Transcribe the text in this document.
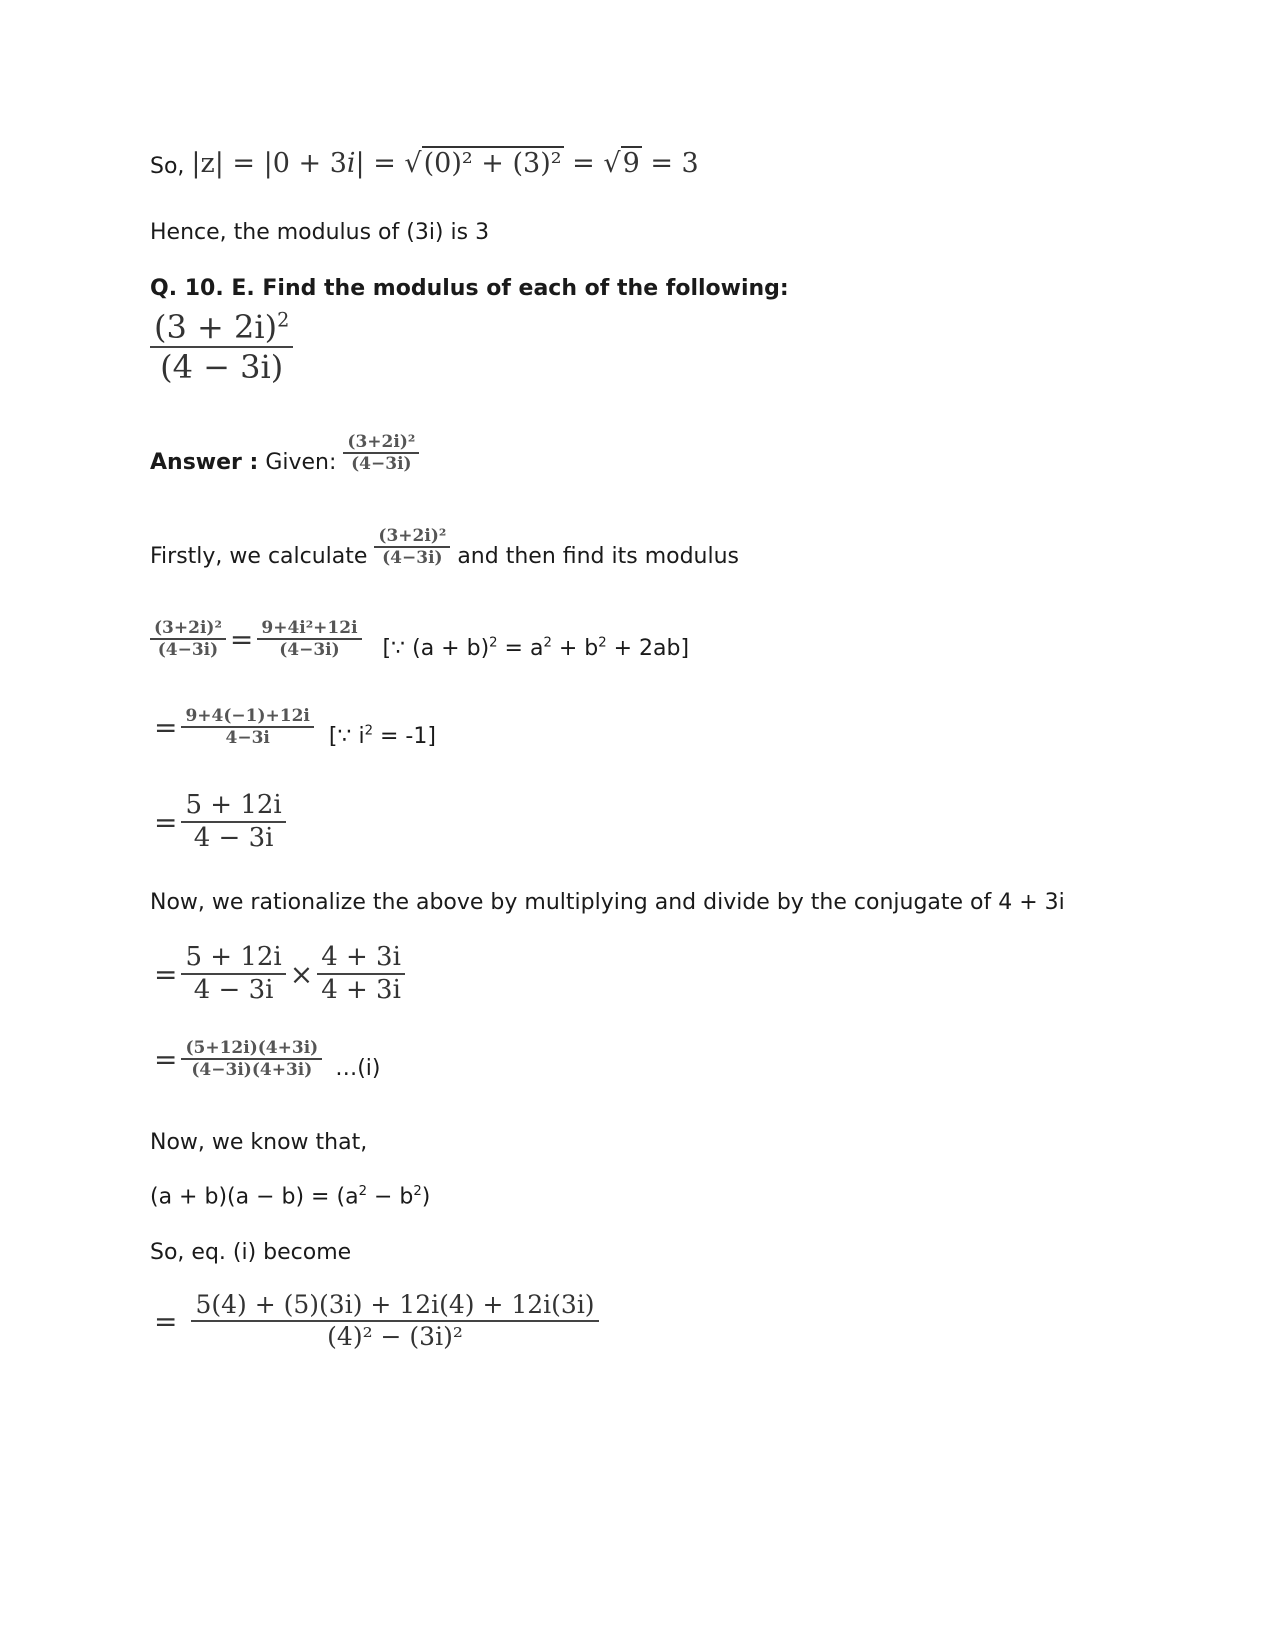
So, |z| = |0 + 3i| = √(0)² + (3)² = √9 = 3
Hence, the modulus of (3i) is 3
Q. 10. E. Find the modulus of each of the following:
$\frac{(3 + 2i)^2}{(4 - 3i)}$
Answer : Given: $\frac{\text{(3+2i)²}}{(4-3i)}$
Firstly, we calculate $\frac{\text{(3+2i)²}}{(4-3i)}$ and then find its modulus
$\frac{\text{(3+2i)²}}{(4-3i)} = \frac{\text{9+4i²+12i}}{(4-3i)}$ [∵ $(a + b)^2 = a^2 + b^2 + 2ab$]
= $\frac{9+4(-1)+12i}{4-3i}$ [∵ $i^2 = -1$]
= $\frac{5 + 12i}{4 - 3i}$
Now, we rationalize the above by multiplying and divide by the conjugate of 4 + 3i
= $\frac{5 + 12i}{4 - 3i} \times \frac{4 + 3i}{4 + 3i}$
= $\frac{(5+12i)(4+3i)}{(4-3i)(4+3i)}$ …(i)
Now, we know that,
$(a + b)(a - b) = (a^2 - b^2)$
So, eq. (i) become
= $\frac{5(4) + (5)(3i) + 12i(4) + 12i(3i)}{\text{(4)² − (3i)²}}$
